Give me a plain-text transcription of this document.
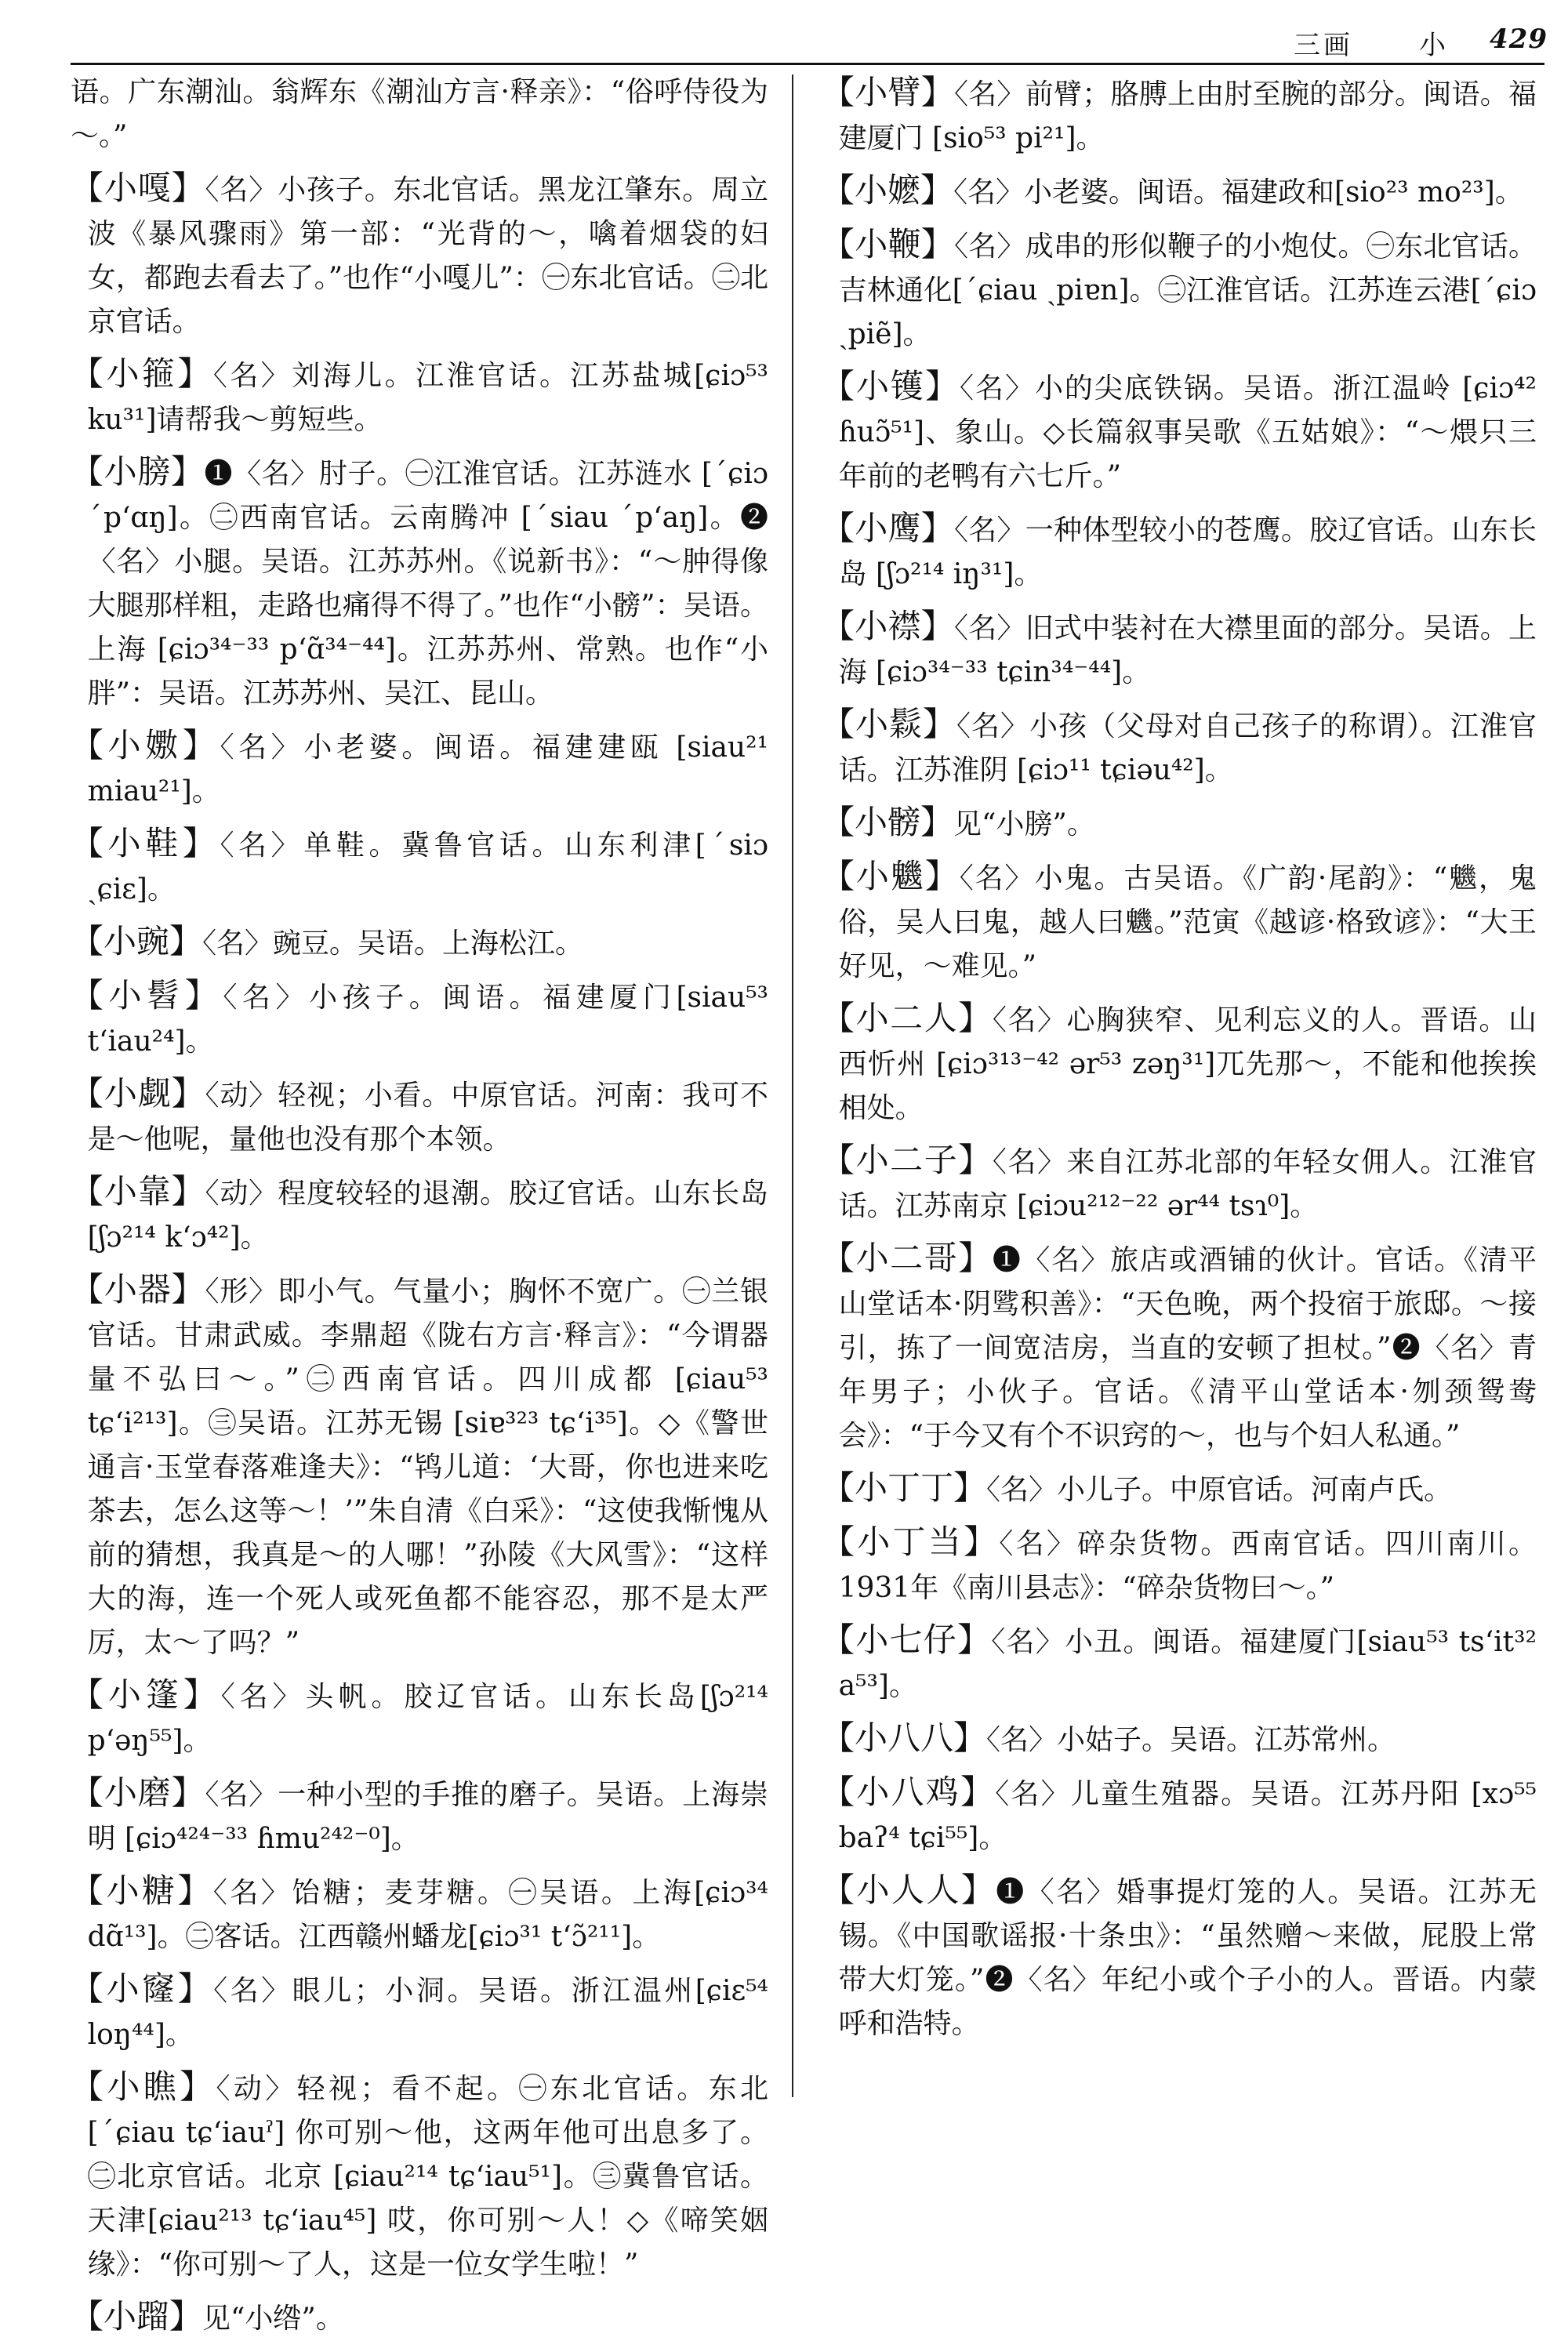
三画 小 429

语。广东潮汕。翁辉东《潮汕方言·释亲》：“俗呼侍役为～。”

【小嘎】〈名〉小孩子。东北官话。黑龙江肇东。周立波《暴风骤雨》第一部：“光背的～，噙着烟袋的妇女，都跑去看去了。”也作“小嘎儿”：㊀东北官话。㊁北京官话。

【小箍】〈名〉刘海儿。江淮官话。江苏盐城[ɕiɔ⁵³ ku³¹]请帮我～剪短些。

【小膀】❶〈名〉肘子。㊀江淮官话。江苏涟水 [ˊɕiɔ ˊpʻɑŋ]。㊁西南官话。云南腾冲 [ˊsiau ˊpʻaŋ]。❷〈名〉小腿。吴语。江苏苏州。《说新书》：“～肿得像大腿那样粗，走路也痛得不得了。”也作“小髈”：吴语。上海 [ɕiɔ³⁴⁻³³ pʻɑ̃³⁴⁻⁴⁴]。江苏苏州、常熟。也作“小胖”：吴语。江苏苏州、吴江、昆山。

【小嫐】〈名〉小老婆。闽语。福建建瓯 [siau²¹ miau²¹]。

【小鞋】〈名〉单鞋。冀鲁官话。山东利津[ˊsiɔ ˏɕiɛ]。

【小豌】〈名〉豌豆。吴语。上海松江。

【小髫】〈名〉小孩子。闽语。福建厦门[siau⁵³ tʻiau²⁴]。

【小觑】〈动〉轻视；小看。中原官话。河南：我可不是～他呢，量他也没有那个本领。

【小靠】〈动〉程度较轻的退潮。胶辽官话。山东长岛 [ʃɔ²¹⁴ kʻɔ⁴²]。

【小器】〈形〉即小气。气量小；胸怀不宽广。㊀兰银官话。甘肃武威。李鼎超《陇右方言·释言》：“今谓器量不弘曰～。”㊁西南官话。四川成都 [ɕiau⁵³ tɕʻi²¹³]。㊂吴语。江苏无锡 [siɐ³²³ tɕʻi³⁵]。◇《警世通言·玉堂春落难逢夫》：“鸨儿道：‘大哥，你也进来吃茶去，怎么这等～！’”朱自清《白采》：“这使我惭愧从前的猜想，我真是～的人哪！”孙陵《大风雪》：“这样大的海，连一个死人或死鱼都不能容忍，那不是太严厉，太～了吗？”

【小篷】〈名〉头帆。胶辽官话。山东长岛[ʃɔ²¹⁴ pʻəŋ⁵⁵]。

【小磨】〈名〉一种小型的手推的磨子。吴语。上海崇明 [ɕiɔ⁴²⁴⁻³³ ɦmu²⁴²⁻⁰]。

【小糖】〈名〉饴糖；麦芽糖。㊀吴语。上海[ɕiɔ³⁴ dɑ̃¹³]。㊁客话。江西赣州蟠龙[ɕiɔ³¹ tʻɔ̃²¹¹]。

【小窿】〈名〉眼儿；小洞。吴语。浙江温州[ɕiɛ⁵⁴ loŋ⁴⁴]。

【小瞧】〈动〉轻视；看不起。㊀东北官话。东北[ˊɕiau tɕʻiauˀ] 你可别～他，这两年他可出息多了。㊁北京官话。北京 [ɕiau²¹⁴ tɕʻiau⁵¹]。㊂冀鲁官话。天津[ɕiau²¹³ tɕʻiau⁴⁵] 哎，你可别～人！◇《啼笑姻缘》：“你可别～了人，这是一位女学生啦！”

【小蹓】见“小绺”。

【小臂】〈名〉前臂；胳膊上由肘至腕的部分。闽语。福建厦门 [sio⁵³ pi²¹]。

【小嬷】〈名〉小老婆。闽语。福建政和[sio²³ mo²³]。

【小鞭】〈名〉成串的形似鞭子的小炮仗。㊀东北官话。吉林通化[ˊɕiau ˏpiɐn]。㊁江淮官话。江苏连云港[ˊɕiɔ ˏpiẽ]。

【小镬】〈名〉小的尖底铁锅。吴语。浙江温岭 [ɕiɔ⁴² ɦuɔ̃⁵¹]、象山。◇长篇叙事吴歌《五姑娘》：“～煨只三年前的老鸭有六七斤。”

【小鹰】〈名〉一种体型较小的苍鹰。胶辽官话。山东长岛 [ʃɔ²¹⁴ iŋ³¹]。

【小襟】〈名〉旧式中装衬在大襟里面的部分。吴语。上海 [ɕiɔ³⁴⁻³³ tɕin³⁴⁻⁴⁴]。

【小鬏】〈名〉小孩（父母对自己孩子的称谓）。江淮官话。江苏淮阴 [ɕiɔ¹¹ tɕiəu⁴²]。

【小髈】见“小膀”。

【小魕】〈名〉小鬼。古吴语。《广韵·尾韵》：“魕，鬼俗，吴人曰鬼，越人曰魕。”范寅《越谚·格致谚》：“大王好见，～难见。”

【小二人】〈名〉心胸狭窄、见利忘义的人。晋语。山西忻州 [ɕiɔ³¹³⁻⁴² ər⁵³ zəŋ³¹]兀先那～，不能和他挨挨相处。

【小二子】〈名〉来自江苏北部的年轻女佣人。江淮官话。江苏南京 [ɕiɔu²¹²⁻²² ər⁴⁴ tsɿ⁰]。

【小二哥】❶〈名〉旅店或酒铺的伙计。官话。《清平山堂话本·阴骘积善》：“天色晚，两个投宿于旅邸。～接引，拣了一间宽洁房，当直的安顿了担杖。”❷〈名〉青年男子；小伙子。官话。《清平山堂话本·刎颈鸳鸯会》：“于今又有个不识窍的～，也与个妇人私通。”

【小丁丁】〈名〉小儿子。中原官话。河南卢氏。

【小丁当】〈名〉碎杂货物。西南官话。四川南川。1931年《南川县志》：“碎杂货物曰～。”

【小七仔】〈名〉小丑。闽语。福建厦门[siau⁵³ tsʻit³² a⁵³]。

【小八八】〈名〉小姑子。吴语。江苏常州。

【小八鸡】〈名〉儿童生殖器。吴语。江苏丹阳 [xɔ⁵⁵ baʔ⁴ tɕi⁵⁵]。

【小人人】❶〈名〉婚事提灯笼的人。吴语。江苏无锡。《中国歌谣报·十条虫》：“虽然赠～来做，屁股上常带大灯笼。”❷〈名〉年纪小或个子小的人。晋语。内蒙呼和浩特。
